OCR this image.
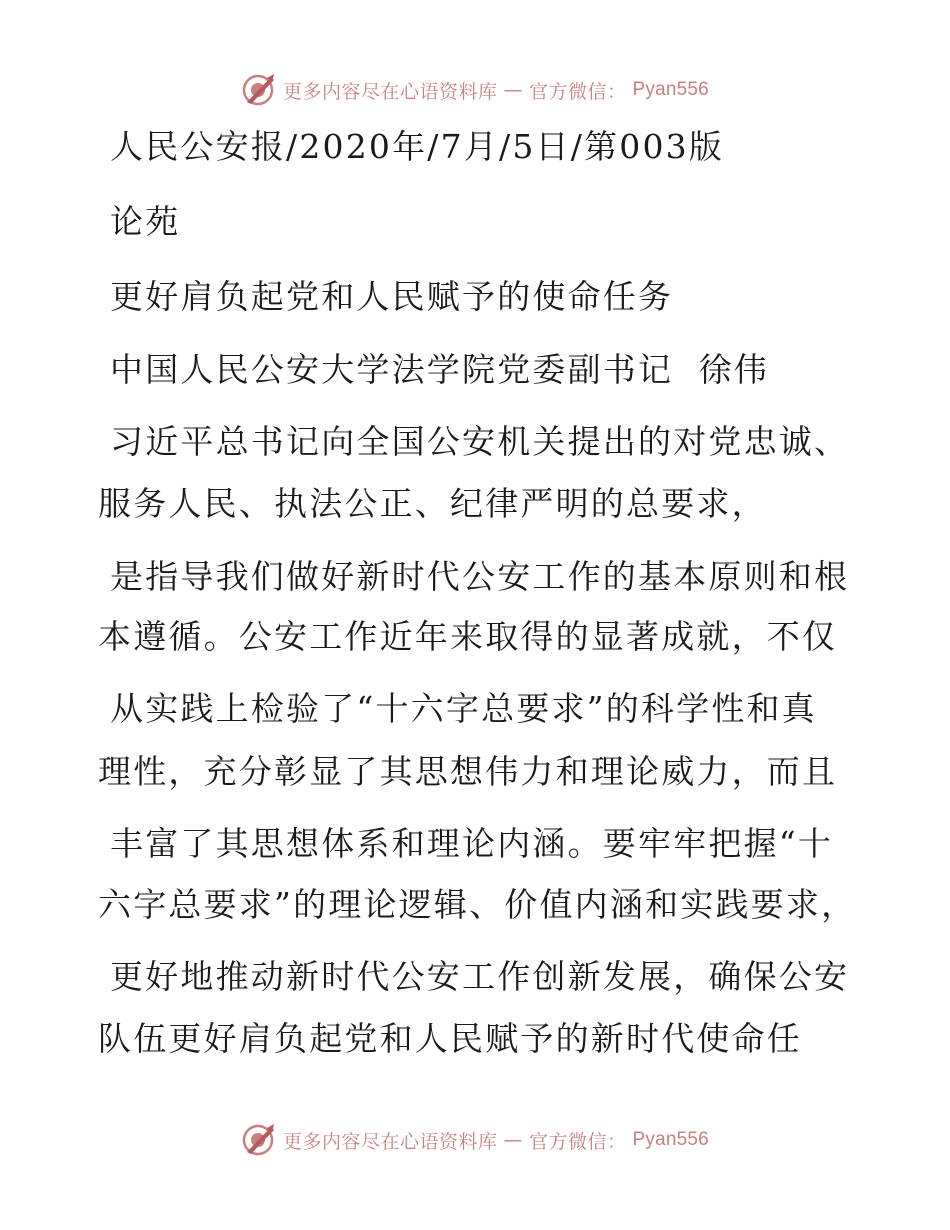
更多内容尽在心语资料库 — 官方微信： Pyan556
人民公安报/2020年/7月/5日/第003版
论苑
更好肩负起党和人民赋予的使命任务
中国人民公安大学法学院党委副书记  徐伟
习近平总书记向全国公安机关提出的对党忠诚、
服务人民、执法公正、纪律严明的总要求，
是指导我们做好新时代公安工作的基本原则和根
本遵循。公安工作近年来取得的显著成就，不仅
从实践上检验了“十六字总要求”的科学性和真
理性，充分彰显了其思想伟力和理论威力，而且
丰富了其思想体系和理论内涵。要牢牢把握“十
六字总要求”的理论逻辑、价值内涵和实践要求，
更好地推动新时代公安工作创新发展，确保公安
队伍更好肩负起党和人民赋予的新时代使命任
更多内容尽在心语资料库 — 官方微信： Pyan556
